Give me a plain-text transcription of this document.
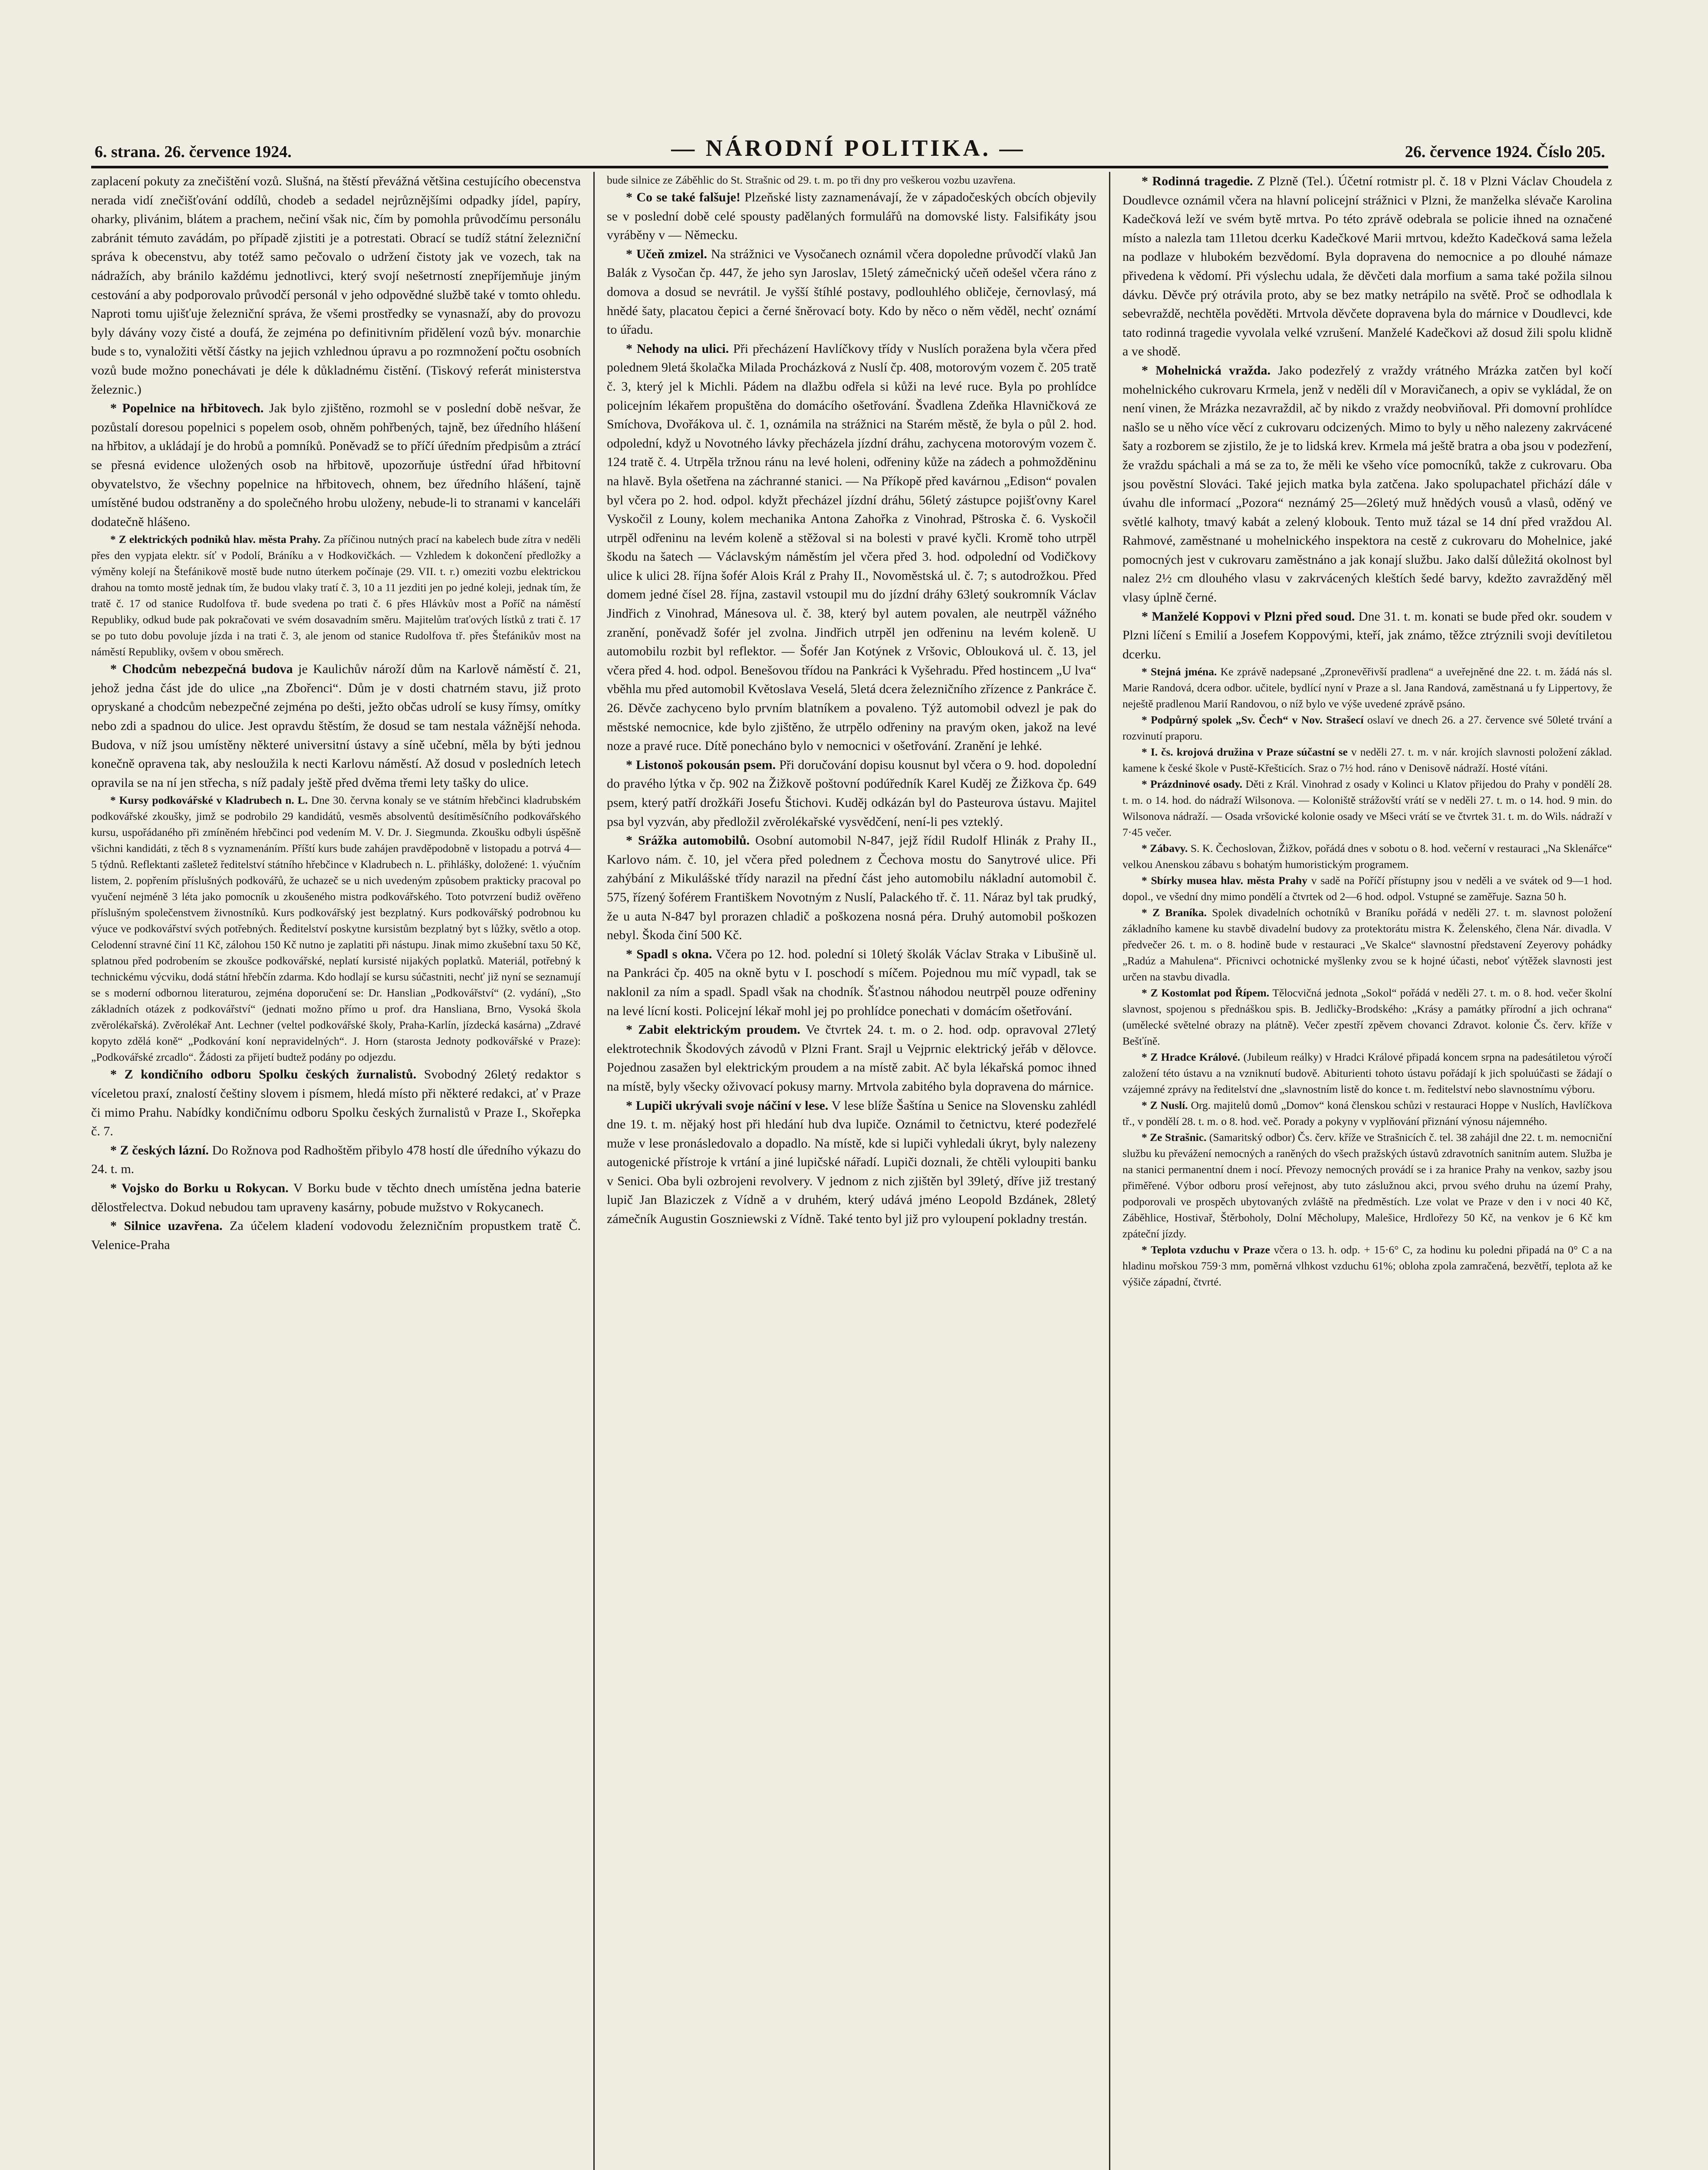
6. strana. 26. července 1924.	— NÁRODNÍ POLITIKA. —	26. července 1924. Číslo 205.

zaplacení pokuty za znečištění vozů. Slušná, na štěstí převážná většina cestujícího obecenstva nerada vidí znečišťování oddílů, chodeb a sedadel nejrůznějšími odpadky jídel, papíry, oharky, plivánim, blátem a prachem, nečiní však nic, čím by pomohla průvodčímu personálu zabránit témuto zavádám, po případě zjistiti je a potrestati. Obrací se tudíž státní železniční správa k obecenstvu, aby totéž samo pečovalo o udržení čistoty jak ve vozech, tak na nádražích, aby bránilo každému jednotlivci, který svojí nešetrností znepříjemňuje jiným cestování a aby podporovalo průvodčí personál v jeho odpovědné službě také v tomto ohledu. Naproti tomu ujišťuje železniční správa, že všemi prostředky se vynasnaží, aby do provozu byly dávány vozy čisté a doufá, že zejména po definitivním přidělení vozů býv. monarchie bude s to, vynaložiti větší částky na jejich vzhlednou úpravu a po rozmnožení počtu osobních vozů bude možno ponechávati je déle k důkladnému čistění. (Tiskový referát ministerstva železnic.)

* Popelnice na hřbitovech. Jak bylo zjištěno, rozmohl se v poslední době nešvar, že pozůstalí doresou popelnici s popelem osob, ohněm pohřbených, tajně, bez úředního hlášení na hřbitov, a ukládají je do hrobů a pomníků. Poněvadž se to příčí úředním předpisům a ztrácí se přesná evidence uložených osob na hřbitově, upozorňuje ústřední úřad hřbitovní obyvatelstvo, že všechny popelnice na hřbitovech, ohnem, bez úředního hlášení, tajně umístěné budou odstraněny a do společného hrobu uloženy, nebude-li to stranami v kanceláři dodatečně hlášeno.

* Z elektrických podniků hlav. města Prahy. Za příčinou nutných prací na kabelech bude zítra v neděli přes den vypjata elektr. síť v Podolí, Bráníku a v Hodkovičkách. — Vzhledem k dokončení předložky a výměny kolejí na Štefánikově mostě bude nutno úterkem počínaje (29. VII. t. r.) omeziti vozbu elektrickou drahou na tomto mostě jednak tím, že budou vlaky tratí č. 3, 10 a 11 jezditi jen po jedné koleji, jednak tím, že tratě č. 17 od stanice Rudolfova tř. bude svedena po trati č. 6 přes Hlávkův most a Poříč na náměstí Republiky, odkud bude pak pokračovati ve svém dosavadním směru. Majitelům traťových lístků z trati č. 17 se po tuto dobu povoluje jízda i na trati č. 3, ale jenom od stanice Rudolfova tř. přes Štefánikův most na náměstí Republiky, ovšem v obou směrech.

* Chodcům nebezpečná budova je Kaulichův nároží dům na Karlově náměstí č. 21, jehož jedna část jde do ulice „na Zbořenci“. Dům je v dosti chatrném stavu, již proto opryskané a chodcům nebezpečné zejména po dešti, ježto občas udrolí se kusy římsy, omítky nebo zdi a spadnou do ulice. Jest opravdu štěstím, že dosud se tam nestala vážnější nehoda. Budova, v níž jsou umístěny některé universitní ústavy a síně učební, měla by býti jednou konečně opravena tak, aby nesloužila k necti Karlovu náměstí. Až dosud v posledních letech opravila se na ní jen střecha, s níž padaly ještě před dvěma třemi lety tašky do ulice.

* Kursy podkovářské v Kladrubech n. L. Dne 30. června konaly se ve státním hřebčinci kladrubském podkovářské zkoušky, jimž se podrobilo 29 kandidátů, vesměs absolventů desítiměsíčního podkovářského kursu, uspořádaného při zmíněném hřebčinci pod vedením M. V. Dr. J. Siegmunda. Zkoušku odbyli úspěšně všichni kandidáti, z těch 8 s vyznamenáním. Příští kurs bude zahájen pravděpodobně v listopadu a potrvá 4—5 týdnů. Reflektanti zašletež ředitelství státního hřebčince v Kladrubech n. L. přihlášky, doložené: 1. výučním listem, 2. popřením příslušných podkovářů, že uchazeč se u nich uvedeným způsobem prakticky pracoval po vyučení nejméně 3 léta jako pomocník u zkoušeného mistra podkovářského. Toto potvrzení budiž ověřeno příslušným společenstvem živnostníků. Kurs podkovářský jest bezplatný. Kurs podkovářský podrobnou ku výuce ve podkovářství svých potřebných. Ředitelství poskytne kursistům bezplatný byt s lůžky, světlo a otop. Celodenní stravné činí 11 Kč, zálohou 150 Kč nutno je zaplatiti při nástupu. Jinak mimo zkušební taxu 50 Kč, splatnou před podrobením se zkoušce podkovářské, neplatí kursisté nijakých poplatků. Materiál, potřebný k technickému výcviku, dodá státní hřebčín zdarma. Kdo hodlají se kursu súčastniti, nechť již nyní se seznamují se s moderní odbornou literaturou, zejména doporučení se: Dr. Hanslian „Podkovářství“ (2. vydání), „Sto základních otázek z podkovářství“ (jednati možno přímo u prof. dra Hansliana, Brno, Vysoká škola zvěrolékařská). Zvěrolékař Ant. Lechner (veltel podkovářské školy, Praha-Karlín, jízdecká kasárna) „Zdravé kopyto zdělá koně“ „Podkování koní nepravidelných“. J. Horn (starosta Jednoty podkovářské v Praze): „Podkovářské zrcadlo“. Žádosti za přijetí budtež podány po odjezdu.

* Z kondičního odboru Spolku českých žurnalistů. Svobodný 26letý redaktor s víceletou praxí, znalostí češtiny slovem i písmem, hledá místo při některé redakci, ať v Praze či mimo Prahu. Nabídky kondičnímu odboru Spolku českých žurnalistů v Praze I., Skořepka č. 7.

* Z českých lázní. Do Rožnova pod Radhoštěm přibylo 478 hostí dle úředního výkazu do 24. t. m.

* Vojsko do Borku u Rokycan. V Borku bude v těchto dnech umístěna jedna baterie dělostřelectva. Dokud nebudou tam upraveny kasárny, pobude mužstvo v Rokycanech.

* Silnice uzavřena. Za účelem kladení vodovodu železničním propustkem tratě Č. Velenice-Praha

bude silnice ze Záběhlic do St. Strašnic od 29. t. m. po tři dny pro veškerou vozbu uzavřena.

* Co se také falšuje! Plzeňské listy zaznamenávají, že v západočeských obcích objevily se v poslední době celé spousty padělaných formulářů na domovské listy. Falsifikáty jsou vyráběny v — Německu.

* Učeň zmizel. Na strážnici ve Vysočanech oznámil včera dopoledne průvodčí vlaků Jan Balák z Vysočan čp. 447, že jeho syn Jaroslav, 15letý zámečnický učeň odešel včera ráno z domova a dosud se nevrátil. Je vyšší štíhlé postavy, podlouhlého obličeje, černovlasý, má hnědé šaty, placatou čepici a černé šněrovací boty. Kdo by něco o něm věděl, nechť oznámí to úřadu.

* Nehody na ulici. Při přecházení Havlíčkovy třídy v Nuslích poražena byla včera před polednem 9letá školačka Milada Procházková z Nuslí čp. 408, motorovým vozem č. 205 tratě č. 3, který jel k Michli. Pádem na dlažbu odřela si kůži na levé ruce. Byla po prohlídce policejním lékařem propuštěna do domácího ošetřování. Švadlena Zdeňka Hlavničková ze Smíchova, Dvořákova ul. č. 1, oznámila na strážnici na Starém městě, že byla o půl 2. hod. odpolední, když u Novotného lávky přecházela jízdní dráhu, zachycena motorovým vozem č. 124 tratě č. 4. Utrpěla tržnou ránu na levé holeni, odřeniny kůže na zádech a pohmožděninu na hlavě. Byla ošetřena na záchranné stanici. — Na Příkopě před kavárnou „Edison“ povalen byl včera po 2. hod. odpol. kdyžt přecházel jízdní dráhu, 56letý zástupce pojišťovny Karel Vyskočil z Louny, kolem mechanika Antona Zahořka z Vinohrad, Pštroska č. 6. Vyskočil utrpěl odřeninu na levém koleně a stěžoval si na bolesti v pravé kyčli. Kromě toho utrpěl škodu na šatech — Václavským náměstím jel včera před 3. hod. odpolední od Vodičkovy ulice k ulici 28. října šofér Alois Král z Prahy II., Novoměstská ul. č. 7; s autodrožkou. Před domem jedné čísel 28. října, zastavil vstoupil mu do jízdní dráhy 63letý soukromník Václav Jindřich z Vinohrad, Mánesova ul. č. 38, který byl autem povalen, ale neutrpěl vážného zranění, poněvadž šofér jel zvolna. Jindřich utrpěl jen odřeninu na levém koleně. U automobilu rozbit byl reflektor. — Šofér Jan Kotýnek z Vršovic, Oblouková ul. č. 13, jel včera před 4. hod. odpol. Benešovou třídou na Pankráci k Vyšehradu. Před hostincem „U lva“ vběhla mu před automobil Květoslava Veselá, 5letá dcera železničního zřízence z Pankráce č. 26. Děvče zachyceno bylo prvním blatníkem a povaleno. Týž automobil odvezl je pak do městské nemocnice, kde bylo zjištěno, že utrpělo odřeniny na pravým oken, jakož na levé noze a pravé ruce. Dítě ponecháno bylo v nemocnici v ošetřování. Zranění je lehké.

* Listonoš pokousán psem. Při doručování dopisu kousnut byl včera o 9. hod. dopolední do pravého lýtka v čp. 902 na Žižkově poštovní podúředník Karel Kuděj ze Žižkova čp. 649 psem, který patří drožkáři Josefu Štichovi. Kuděj odkázán byl do Pasteurova ústavu. Majitel psa byl vyzván, aby předložil zvěrolékařské vysvědčení, není-li pes vzteklý.

* Srážka automobilů. Osobní automobil N-847, jejž řídil Rudolf Hlinák z Prahy II., Karlovo nám. č. 10, jel včera před polednem z Čechova mostu do Sanytrové ulice. Při zahýbání z Mikulášské třídy narazil na přední část jeho automobilu nákladní automobil č. 575, řízený šoférem Františkem Novotným z Nuslí, Palackého tř. č. 11. Náraz byl tak prudký, že u auta N-847 byl prorazen chladič a poškozena nosná péra. Druhý automobil poškozen nebyl. Škoda činí 500 Kč.

* Spadl s okna. Včera po 12. hod. polední si 10letý školák Václav Straka v Libušině ul. na Pankráci čp. 405 na okně bytu v I. poschodí s míčem. Pojednou mu míč vypadl, tak se naklonil za ním a spadl. Spadl však na chodník. Šťastnou náhodou neutrpěl pouze odřeniny na levé lícní kosti. Policejní lékař mohl jej po prohlídce ponechati v domácím ošetřování.

* Zabit elektrickým proudem. Ve čtvrtek 24. t. m. o 2. hod. odp. opravoval 27letý elektrotechnik Škodových závodů v Plzni Frant. Srajl u Vejprnic elektrický jeřáb v dělovce. Pojednou zasažen byl elektrickým proudem a na místě zabit. Ač byla lékařská pomoc ihned na místě, byly všecky oživovací pokusy marny. Mrtvola zabitého byla dopravena do márnice.

* Lupiči ukrývali svoje náčiní v lese. V lese blíže Šaštína u Senice na Slovensku zahlédl dne 19. t. m. nějaký host při hledání hub dva lupiče. Oznámil to četnictvu, které podezřelé muže v lese pronásledovalo a dopadlo. Na místě, kde si lupiči vyhledali úkryt, byly nalezeny autogenické přístroje k vrtání a jiné lupičské nářadí. Lupiči doznali, že chtěli vyloupiti banku v Senici. Oba byli ozbrojeni revolvery. V jednom z nich zjištěn byl 39letý, dříve již trestaný lupič Jan Blaziczek z Vídně a v druhém, který udává jméno Leopold Bzdánek, 28letý zámečník Augustin Goszniewski z Vídně. Také tento byl již pro vyloupení pokladny trestán.

* Rodinná tragedie. Z Plzně (Tel.). Účetní rotmistr pl. č. 18 v Plzni Václav Choudela z Doudlevce oznámil včera na hlavní policejní strážnici v Plzni, že manželka slévače Karolina Kadečková leží ve svém bytě mrtva. Po této zprávě odebrala se policie ihned na označené místo a nalezla tam 11letou dcerku Kadečkové Marii mrtvou, kdežto Kadečková sama ležela na podlaze v hlubokém bezvědomí. Byla dopravena do nemocnice a po dlouhé námaze přivedena k vědomí. Při výslechu udala, že děvčeti dala morfium a sama také požila silnou dávku. Děvče prý otrávila proto, aby se bez matky netrápilo na světě. Proč se odhodlala k sebevraždě, nechtěla pověděti. Mrtvola děvčete dopravena byla do márnice v Doudlevci, kde tato rodinná tragedie vyvolala velké vzrušení. Manželé Kadečkovi až dosud žili spolu klidně a ve shodě.

* Mohelnická vražda. Jako podezřelý z vraždy vrátného Mrázka zatčen byl kočí mohelnického cukrovaru Krmela, jenž v neděli díl v Moravičanech, a opiv se vykládal, že on není vinen, že Mrázka nezavraždil, ač by nikdo z vraždy neobviňoval. Při domovní prohlídce našlo se u něho více věcí z cukrovaru odcizených. Mimo to byly u něho nalezeny zakrvácené šaty a rozborem se zjistilo, že je to lidská krev. Krmela má ještě bratra a oba jsou v podezření, že vraždu spáchali a má se za to, že měli ke všeho více pomocníků, takže z cukrovaru. Oba jsou pověstní Slováci. Také jejich matka byla zatčena. Jako spolupachatel přichází dále v úvahu dle informací „Pozora“ neznámý 25—26letý muž hnědých vousů a vlasů, oděný ve světlé kalhoty, tmavý kabát a zelený klobouk. Tento muž tázal se 14 dní před vraždou Al. Rahmové, zaměstnané u mohelnického inspektora na cestě z cukrovaru do Mohelnice, jaké pomocných jest v cukrovaru zaměstnáno a jak konají službu. Jako další důležitá okolnost byl nalez 2½ cm dlouhého vlasu v zakrvácených kleštích šedé barvy, kdežto zavražděný měl vlasy úplně černé.

* Manželé Koppovi v Plzni před soud. Dne 31. t. m. konati se bude před okr. soudem v Plzni líčení s Emilií a Josefem Koppovými, kteří, jak známo, těžce ztrýznili svoji devítiletou dcerku.

* Stejná jména. Ke zprávě nadepsané „Zpronevěřivší pradlena“ a uveřejněné dne 22. t. m. žádá nás sl. Marie Randová, dcera odbor. učitele, bydlící nyní v Praze a sl. Jana Randová, zaměstnaná u fy Lippertovy, že neještě pradlenou Marií Randovou, o níž bylo ve výše uvedené zprávě psáno.

* Podpůrný spolek „Sv. Čech“ v Nov. Strašecí oslaví ve dnech 26. a 27. července své 50leté trvání a rozvinutí praporu.

* I. čs. krojová družina v Praze súčastní se v neděli 27. t. m. v nár. krojích slavnosti položení základ. kamene k české škole v Pustě-Křešticích. Sraz o 7½ hod. ráno v Denisově nádraží. Hosté vítáni.

* Prázdninové osady. Děti z Král. Vinohrad z osady v Kolinci u Klatov přijedou do Prahy v pondělí 28. t. m. o 14. hod. do nádraží Wilsonova. — Koloniště strážovští vrátí se v neděli 27. t. m. o 14. hod. 9 min. do Wilsonova nádraží. — Osada vršovické kolonie osady ve Mšeci vrátí se ve čtvrtek 31. t. m. do Wils. nádraží v 7·45 večer.

* Zábavy. S. K. Čechoslovan, Žižkov, pořádá dnes v sobotu o 8. hod. večerní v restauraci „Na Sklenářce“ velkou Anenskou zábavu s bohatým humoristickým programem.

* Sbírky musea hlav. města Prahy v sadě na Poříčí přístupny jsou v neděli a ve svátek od 9—1 hod. dopol., ve všední dny mimo pondělí a čtvrtek od 2—6 hod. odpol. Vstupné se zaměřuje. Sazna 50 h.

* Z Braníka. Spolek divadelních ochotníků v Braníku pořádá v neděli 27. t. m. slavnost položení základního kamene ku stavbě divadelní budovy za protektorátu mistra K. Želenského, člena Nár. divadla. V předvečer 26. t. m. o 8. hodině bude v restauraci „Ve Skalce“ slavnostní představení Zeyerovy pohádky „Radúz a Mahulena“. Přicnivci ochotnické myšlenky zvou se k hojné účasti, neboť výtěžek slavnosti jest určen na stavbu divadla.

* Z Kostomlat pod Řípem. Tělocvičná jednota „Sokol“ pořádá v neděli 27. t. m. o 8. hod. večer školní slavnost, spojenou s přednáškou spis. B. Jedličky-Brodského: „Krásy a památky přírodní a jich ochrana“ (umělecké světelné obrazy na plátně). Večer zpestří zpěvem chovanci Zdravot. kolonie Čs. červ. kříže v Bešťíně.

* Z Hradce Králové. (Jubileum reálky) v Hradci Králové připadá koncem srpna na padesátiletou výročí založení této ústavu a na vzniknutí budově. Abiturienti tohoto ústavu pořádají k jich spoluúčasti se žádají o vzájemné zprávy na ředitelství dne „slavnostním listě do konce t. m. ředitelství nebo slavnostnímu výboru.

* Z Nuslí. Org. majitelů domů „Domov“ koná členskou schůzi v restauraci Hoppe v Nuslích, Havlíčkova tř., v pondělí 28. t. m. o 8. hod. več. Porady a pokyny v vyplňování přiznání výnosu nájemného.

* Ze Strašnic. (Samaritský odbor) Čs. červ. kříže ve Strašnicích č. tel. 38 zahájil dne 22. t. m. nemocniční službu ku převážení nemocných a raněných do všech pražských ústavů zdravotních sanitním autem. Služba je na stanici permanentní dnem i nocí. Převozy nemocných provádí se i za hranice Prahy na venkov, sazby jsou přiměřené. Výbor odboru prosí veřejnost, aby tuto záslužnou akci, prvou svého druhu na území Prahy, podporovali ve prospěch ubytovaných zvláště na předměstích. Lze volat ve Praze v den i v noci 40 Kč, Záběhlice, Hostivař, Štěrboholy, Dolní Měcholupy, Malešice, Hrdlořezy 50 Kč, na venkov je 6 Kč km zpáteční jízdy.

* Teplota vzduchu v Praze včera o 13. h. odp. + 15·6° C, za hodinu ku poledni připadá na 0° C a na hladinu mořskou 759·3 mm, poměrná vlhkost vzduchu 61%; obloha zpola zamračená, bezvětří, teplota až ke výšiče západní, čtvrté.
